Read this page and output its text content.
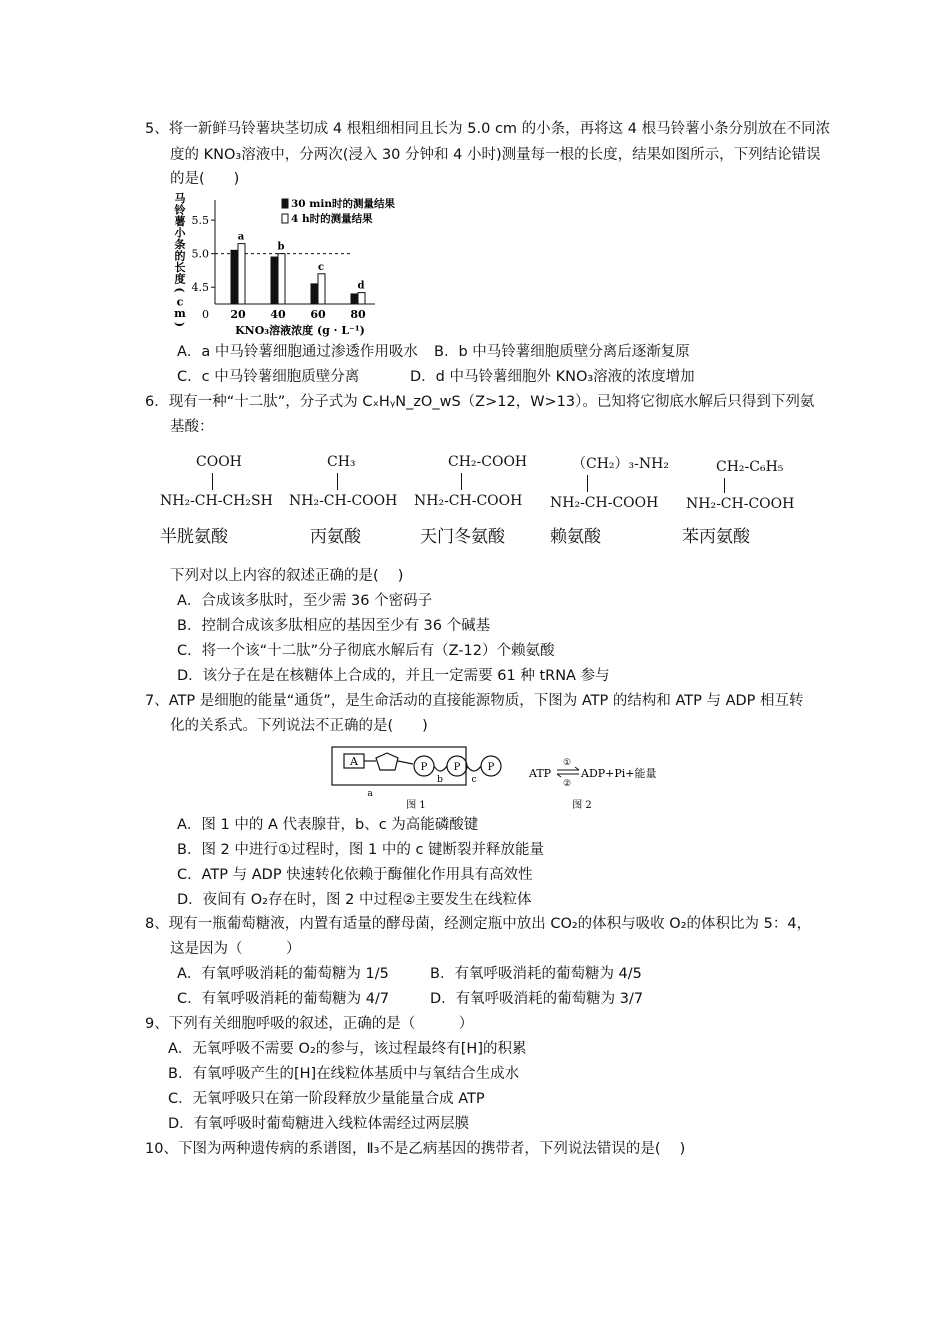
5、将一新鲜马铃薯块茎切成 4 根粗细相同且长为 5.0 cm 的小条，再将这 4 根马铃薯小条分别放在不同浓
度的 KNO₃溶液中，分两次(浸入 30 分钟和 4 小时)测量每一根的长度，结果如图所示，下列结论错误
的是(　　)
马
铃
薯
小
条
的
长
度
(
c
m
)
4.5
5.0
5.5
0
a
20
b
40
c
60
d
80
KNO₃溶液浓度 (g · L⁻¹)
30 min时的测量结果
4 h时的测量结果
A．a 中马铃薯细胞通过渗透作用吸水 B．b 中马铃薯细胞质壁分离后逐渐复原
C．c 中马铃薯细胞质壁分离	D．d 中马铃薯细胞外 KNO₃溶液的浓度增加
6．现有一种“十二肽”，分子式为 CₓHᵧN_zO_wS（Z>12，W>13）。已知将它彻底水解后只得到下列氨
基酸：
COOH
NH₂-CH-CH₂SH
半胱氨酸
CH₃
NH₂-CH-COOH
丙氨酸
CH₂-COOH
NH₂-CH-COOH
天门冬氨酸
（CH₂）₃-NH₂
NH₂-CH-COOH
赖氨酸
CH₂-C₆H₅
NH₂-CH-COOH
苯丙氨酸
下列对以上内容的叙述正确的是(　 )
A．合成该多肽时，至少需 36 个密码子
B．控制合成该多肽相应的基因至少有 36 个碱基
C．将一个该“十二肽”分子彻底水解后有（Z-12）个赖氨酸
D．该分子在是在核糖体上合成的，并且一定需要 61 种 tRNA 参与
7、ATP 是细胞的能量“通货”，是生命活动的直接能源物质，下图为 ATP 的结构和 ATP 与 ADP 相互转
化的关系式。下列说法不正确的是(　　)
A	P	P	P
a
b	c
图 1
ATP
①
②
ADP+Pi+能量
图 2
A．图 1 中的 A 代表腺苷，b、c 为高能磷酸键
B．图 2 中进行①过程时，图 1 中的 c 键断裂并释放能量
C．ATP 与 ADP 快速转化依赖于酶催化作用具有高效性
D．夜间有 O₂存在时，图 2 中过程②主要发生在线粒体
8、现有一瓶葡萄糖液，内置有适量的酵母菌，经测定瓶中放出 CO₂的体积与吸收 O₂的体积比为 5：4，
这是因为（　　　）
A．有氧呼吸消耗的葡萄糖为 1/5	B．有氧呼吸消耗的葡萄糖为 4/5
C．有氧呼吸消耗的葡萄糖为 4/7	D．有氧呼吸消耗的葡萄糖为 3/7
9、下列有关细胞呼吸的叙述，正确的是（　　　）
A．无氧呼吸不需要 O₂的参与，该过程最终有[H]的积累
B．有氧呼吸产生的[H]在线粒体基质中与氧结合生成水
C．无氧呼吸只在第一阶段释放少量能量合成 ATP
D．有氧呼吸时葡萄糖进入线粒体需经过两层膜
10、下图为两种遗传病的系谱图，Ⅱ₃不是乙病基因的携带者，下列说法错误的是(　 )
